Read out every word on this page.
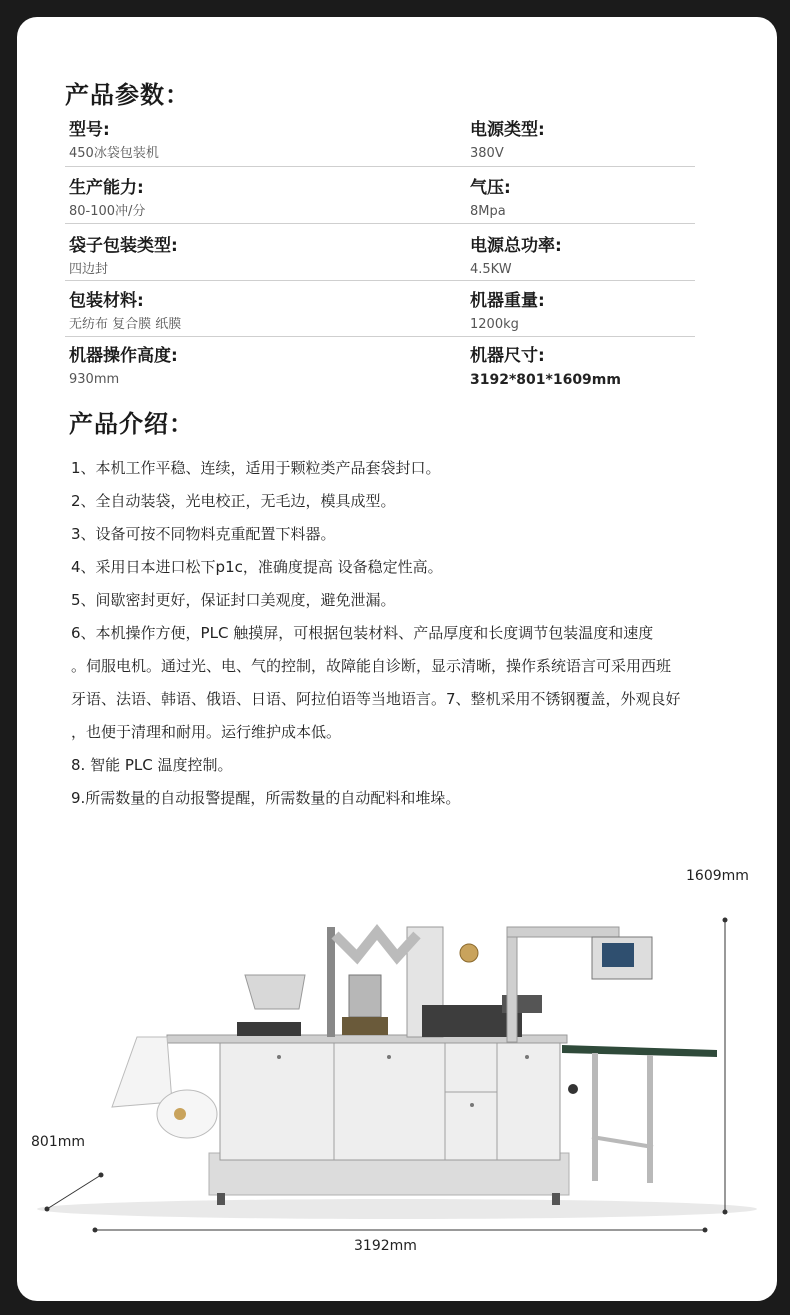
产品参数：
型号:
450冰袋包装机
生产能力:
80-100冲/分
袋子包装类型:
四边封
包装材料:
无纺布 复合膜 纸膜
机器操作高度:
930mm
电源类型:
380V
气压:
8Mpa
电源总功率:
4.5KW
机器重量:
1200kg
机器尺寸:
3192*801*1609mm
产品介绍：

1、本机工作平稳、连续，适用于颗粒类产品套袋封口。

2、全自动装袋，光电校正，无毛边，模具成型。

3、设备可按不同物料克重配置下料器。

4、采用日本进口松下p1c，准确度提高 设备稳定性高。

5、间歇密封更好，保证封口美观度，避免泄漏。

6、本机操作方便，PLC 触摸屏，可根据包装材料、产品厚度和长度调节包装温度和速度

。伺服电机。通过光、电、气的控制，故障能自诊断，显示清晰，操作系统语言可采用西班

牙语、法语、韩语、俄语、日语、阿拉伯语等当地语言。7、整机采用不锈钢覆盖，外观良好

，也便于清理和耐用。运行维护成本低。

8. 智能 PLC 温度控制。

9.所需数量的自动报警提醒，所需数量的自动配料和堆垛。

1609mm
801mm
3192mm
